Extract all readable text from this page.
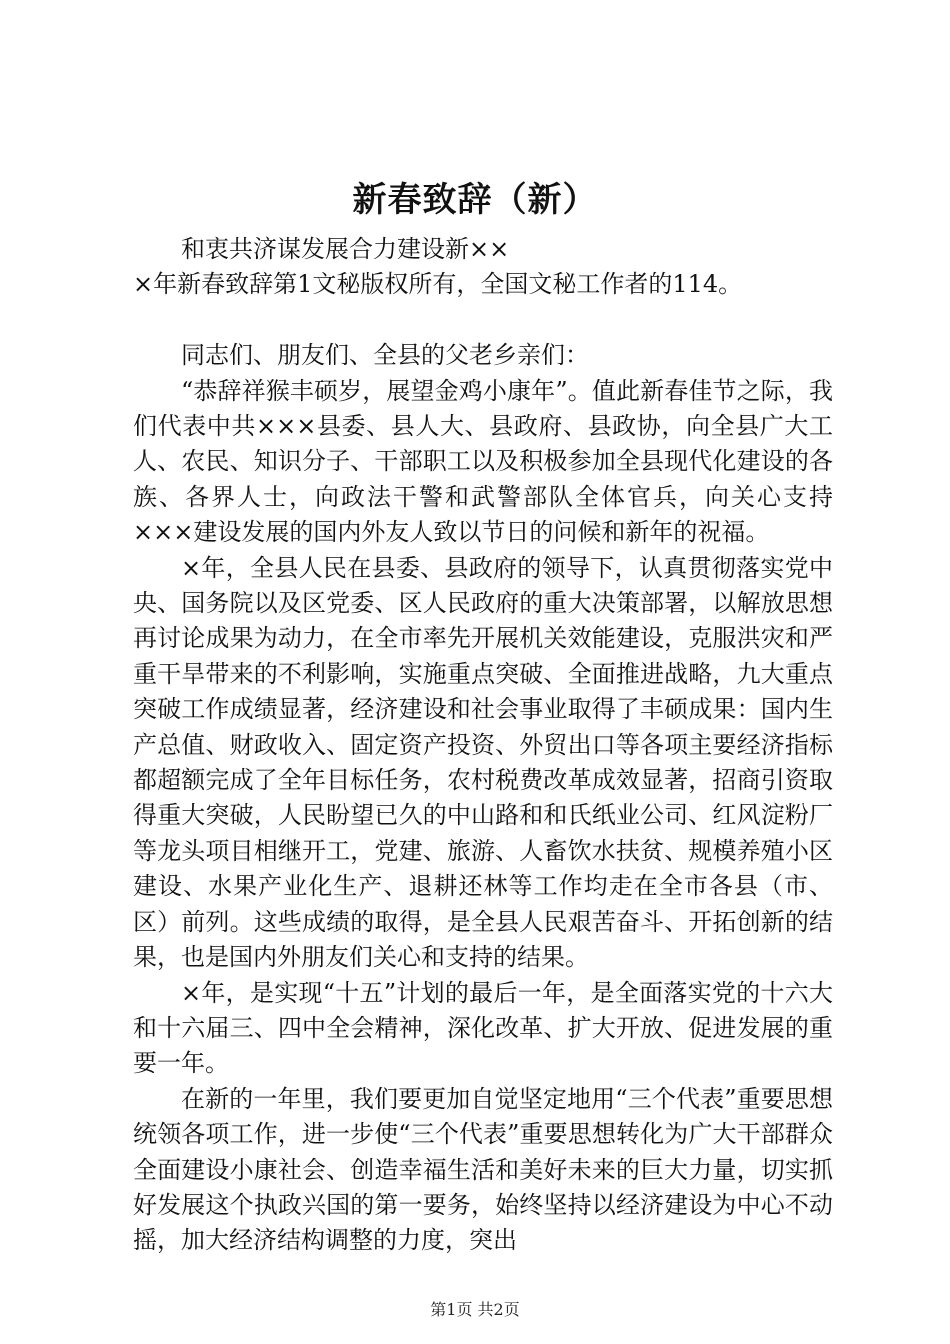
新春致辞（新）

和衷共济谋发展合力建设新××

×年新春致辞第1文秘版权所有，全国文秘工作者的114。

同志们、朋友们、全县的父老乡亲们：

“恭辞祥猴丰硕岁，展望金鸡小康年”。值此新春佳节之际，我们代表中共×××县委、县人大、县政府、县政协，向全县广大工人、农民、知识分子、干部职工以及积极参加全县现代化建设的各族、各界人士，向政法干警和武警部队全体官兵，向关心支持×××建设发展的国内外友人致以节日的问候和新年的祝福。

×年，全县人民在县委、县政府的领导下，认真贯彻落实党中央、国务院以及区党委、区人民政府的重大决策部署，以解放思想再讨论成果为动力，在全市率先开展机关效能建设，克服洪灾和严重干旱带来的不利影响，实施重点突破、全面推进战略，九大重点突破工作成绩显著，经济建设和社会事业取得了丰硕成果：国内生产总值、财政收入、固定资产投资、外贸出口等各项主要经济指标都超额完成了全年目标任务，农村税费改革成效显著，招商引资取得重大突破，人民盼望已久的中山路和和氏纸业公司、红风淀粉厂等龙头项目相继开工，党建、旅游、人畜饮水扶贫、规模养殖小区建设、水果产业化生产、退耕还林等工作均走在全市各县（市、区）前列。这些成绩的取得，是全县人民艰苦奋斗、开拓创新的结果，也是国内外朋友们关心和支持的结果。

×年，是实现“十五”计划的最后一年，是全面落实党的十六大和十六届三、四中全会精神，深化改革、扩大开放、促进发展的重要一年。

在新的一年里，我们要更加自觉坚定地用“三个代表”重要思想统领各项工作，进一步使“三个代表”重要思想转化为广大干部群众全面建设小康社会、创造幸福生活和美好未来的巨大力量，切实抓好发展这个执政兴国的第一要务，始终坚持以经济建设为中心不动摇，加大经济结构调整的力度，突出

第1页 共2页
